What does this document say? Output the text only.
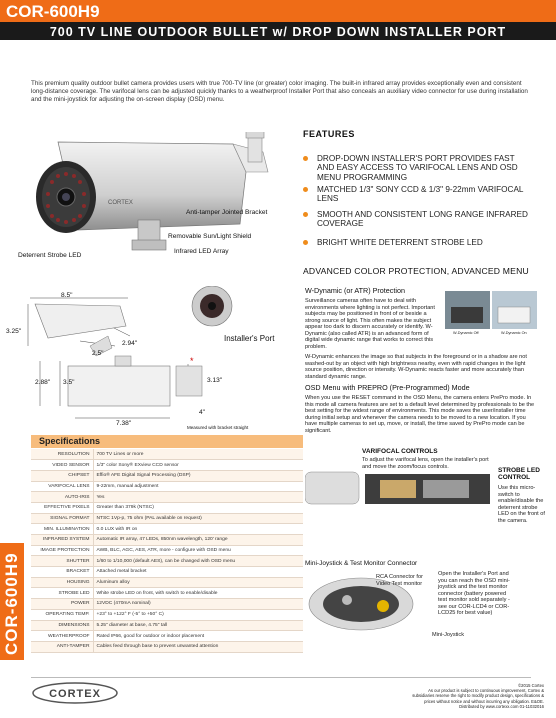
COR-600H9
700 TV LINE OUTDOOR BULLET w/ DROP DOWN INSTALLER PORT
This premium quality outdoor bullet camera provides users with true 700-TV line (or greater) color imaging. The built-in infrared array provides exceptionally even and consistent long-distance coverage. The varifocal lens can be adjusted quickly thanks to a weatherproof Installer Port that also conceals an auxiliary video connector for use during installation and the mini-joystick for adjusting the on-screen display (OSD) menu.
CORTEX
Anti-tamper Jointed Bracket
Removable Sun/Light Shield
Infrared LED Array
Deterrent Strobe LED
*
8.5"
3.25"
2.94"
2.5"
2.88" 3.5"	3.13"
7.38"
4"
Installer's Port
Measured with bracket straight
FEATURES
DROP-DOWN INSTALLER'S PORT PROVIDES FAST AND EASY ACCESS TO VARIFOCAL LENS AND OSD MENU PROGRAMMING
MATCHED 1/3" SONY CCD & 1/3" 9-22mm VARIFOCAL LENS
SMOOTH AND CONSISTENT LONG RANGE INFRARED COVERAGE
BRIGHT WHITE DETERRENT STROBE LED
ADVANCED COLOR PROTECTION, ADVANCED MENU
W-Dynamic (or ATR) Protection
Surveillance cameras often have to deal with environments where lighting is not perfect. Important subjects may be positioned in front of or beside a strong source of light. This often makes the subject appear too dark to discern accurately or identify. W-Dynamic (also called ATR) is an advanced form of digital wide dynamic range that works to correct this problem.
W-Dynamic Off	W-Dynamic On
W-Dynamic enhances the image so that subjects in the foreground or in a shadow are not washed-out by an object with high brightness nearby, even with rapid changes in the light source position, direction or intensity. W-Dynamic reacts faster and more accurately than standard dynamic range.
OSD Menu with PREPRO (Pre-Programmed) Mode
When you use the RESET command in the OSD Menu, the camera enters PrePro mode. In this mode all camera features are set to a default level determined by professionals to be the best setting for the widest range of environments. This mode saves the user/installer time during initial setup and whenever the camera needs to be moved to a new location. If you have multiple cameras to set up, move, or install, the time saved by PrePro mode can be significant.
VARIFOCAL CONTROLS
To adjust the varifocal lens, open the installer's port and move the zoom/focus controls.
STROBE LED CONTROL
Use this micro-switch to enable/disable the deterrent strobe LED on the front of the camera.
Mini-Joystick & Test Monitor Connector
RCA Connector for Video Test monitor
Mini-Joystick
Open the Installer's Port and you can reach the OSD mini-joystick and the test monitor connector (battery powered test monitor sold separately - see our COR-LCD4 or COR-LCD25 for best value)
Specifications
RESOLUTION	700 TV Lines or more
VIDEO SENSOR	1/3" color Sony® EXview CCD sensor
CHIPSET	Effio® AFE Digital Signal Processing (DSP)
VARIFOCAL LENS	9-22mm, manual adjustment
AUTO-IRIS	Yes
EFFECTIVE PIXELS	Greater than 379k (NTSC)
SIGNAL FORMAT	NTSC 1Vp-p, 75 ohm (PAL available on request)
MIN. ILLUMINATION	0.0 LUX with IR on
INFRARED SYSTEM	Automatic IR array, 47 LEDs, 850nm wavelength, 120' range
IMAGE PROTECTION	AWB, BLC, AGC, AES, ATR, more - configure with OSD menu
SHUTTER	1/60 to 1/10,000 (default AES), can be changed with OSD menu
BRACKET	Attached metal bracket
HOUSING	Aluminum alloy
STROBE LED	White strobe LED on front, with switch to enable/disable
POWER	12VDC (470mA nominal)
OPERATING TEMP.	+23° to +122° F (-5° to +50° C)
DIMENSIONS	5.25" diameter at base, 4.75" tall
WEATHERPROOF	Rated IP66, good for outdoor or indoor placement
ANTI-TAMPER	Cables feed through base to prevent unwanted attention
COR-600H9
CORTEX
©2015 Cortex
As our product is subject to continuous improvement, Cortex &
subsidiaries reserve the right to modify product design, specifications &
prices without notice and without incurring any obligation. E&OE.
Distributed by www.cortexx.com 01-11032016
